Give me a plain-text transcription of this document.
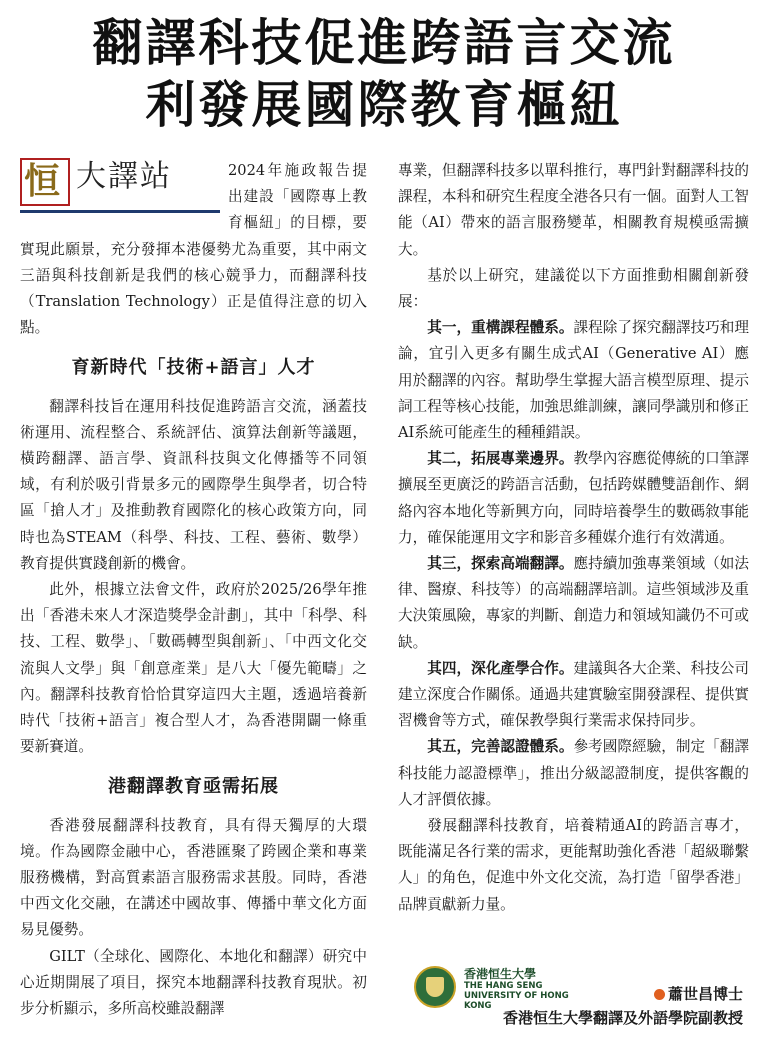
翻譯科技促進跨語言交流
利發展國際教育樞紐
恒 大譯站	2024年施政報告提出建設「國際專上教育樞紐」的目標，要實現此願景，充分發揮本港優勢尤為重要，其中兩文三語與科技創新是我們的核心競爭力，而翻譯科技（Translation Technology）正是值得注意的切入點。

育新時代「技術+語言」人才

翻譯科技旨在運用科技促進跨語言交流，涵蓋技術運用、流程整合、系統評估、演算法創新等議題，橫跨翻譯、語言學、資訊科技與文化傳播等不同領域，有利於吸引背景多元的國際學生與學者，切合特區「搶人才」及推動教育國際化的核心政策方向，同時也為STEAM（科學、科技、工程、藝術、數學）教育提供實踐創新的機會。

此外，根據立法會文件，政府於2025/26學年推出「香港未來人才深造獎學金計劃」，其中「科學、科技、工程、數學」、「數碼轉型與創新」、「中西文化交流與人文學」與「創意產業」是八大「優先範疇」之內。翻譯科技教育恰恰貫穿這四大主題，透過培養新時代「技術+語言」複合型人才，為香港開闢一條重要新賽道。

港翻譯教育亟需拓展

香港發展翻譯科技教育，具有得天獨厚的大環境。作為國際金融中心，香港匯聚了跨國企業和專業服務機構，對高質素語言服務需求甚殷。同時，香港中西文化交融，在講述中國故事、傳播中華文化方面易見優勢。

GILT（全球化、國際化、本地化和翻譯）研究中心近期開展了項目，探究本地翻譯科技教育現狀。初步分析顯示，多所高校雖設翻譯

專業，但翻譯科技多以單科推行，專門針對翻譯科技的課程，本科和研究生程度全港各只有一個。面對人工智能（AI）帶來的語言服務變革，相關教育規模亟需擴大。

基於以上研究，建議從以下方面推動相關創新發展：

其一，重構課程體系。課程除了探究翻譯技巧和理論，宜引入更多有關生成式AI（Generative AI）應用於翻譯的內容。幫助學生掌握大語言模型原理、提示詞工程等核心技能，加強思維訓練，讓同學識別和修正AI系統可能產生的種種錯誤。

其二，拓展專業邊界。教學內容應從傳統的口筆譯擴展至更廣泛的跨語言活動，包括跨媒體雙語創作、網絡內容本地化等新興方向，同時培養學生的數碼敘事能力，確保能運用文字和影音多種媒介進行有效溝通。

其三，探索高端翻譯。應持續加強專業領域（如法律、醫療、科技等）的高端翻譯培訓。這些領域涉及重大決策風險，專家的判斷、創造力和領域知識仍不可或缺。

其四，深化產學合作。建議與各大企業、科技公司建立深度合作關係。通過共建實驗室開發課程、提供實習機會等方式，確保教學與行業需求保持同步。

其五，完善認證體系。參考國際經驗，制定「翻譯科技能力認證標準」，推出分級認證制度，提供客觀的人才評價依據。

發展翻譯科技教育，培養精通AI的跨語言專才，既能滿足各行業的需求，更能幫助強化香港「超級聯繫人」的角色，促進中外文化交流，為打造「留學香港」品牌貢獻新力量。

香港恒生大學
THE HANG SENG UNIVERSITY OF HONG KONG
蕭世昌博士
香港恒生大學翻譯及外語學院副教授
